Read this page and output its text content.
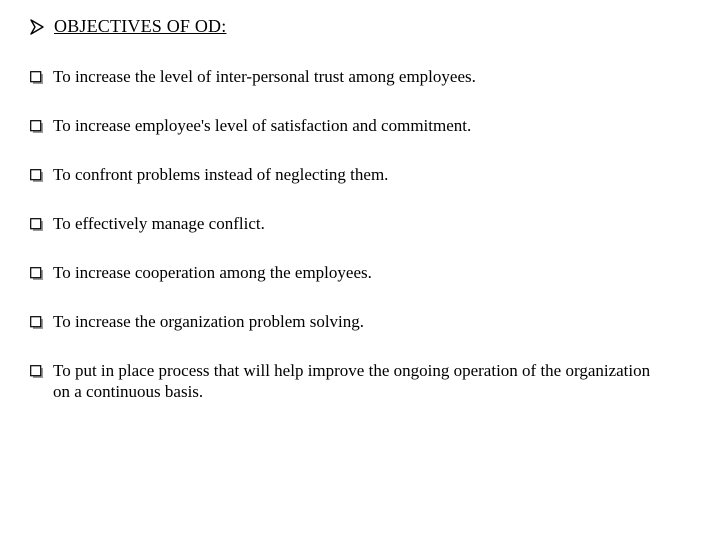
OBJECTIVES OF OD:
To increase the level of inter-personal trust among employees.
To increase employee's level of satisfaction and commitment.
To confront problems instead of neglecting them.
To effectively manage conflict.
To increase cooperation among the employees.
To increase the organization problem solving.
To put in place process that will help improve the ongoing operation of the organization on a continuous basis.
